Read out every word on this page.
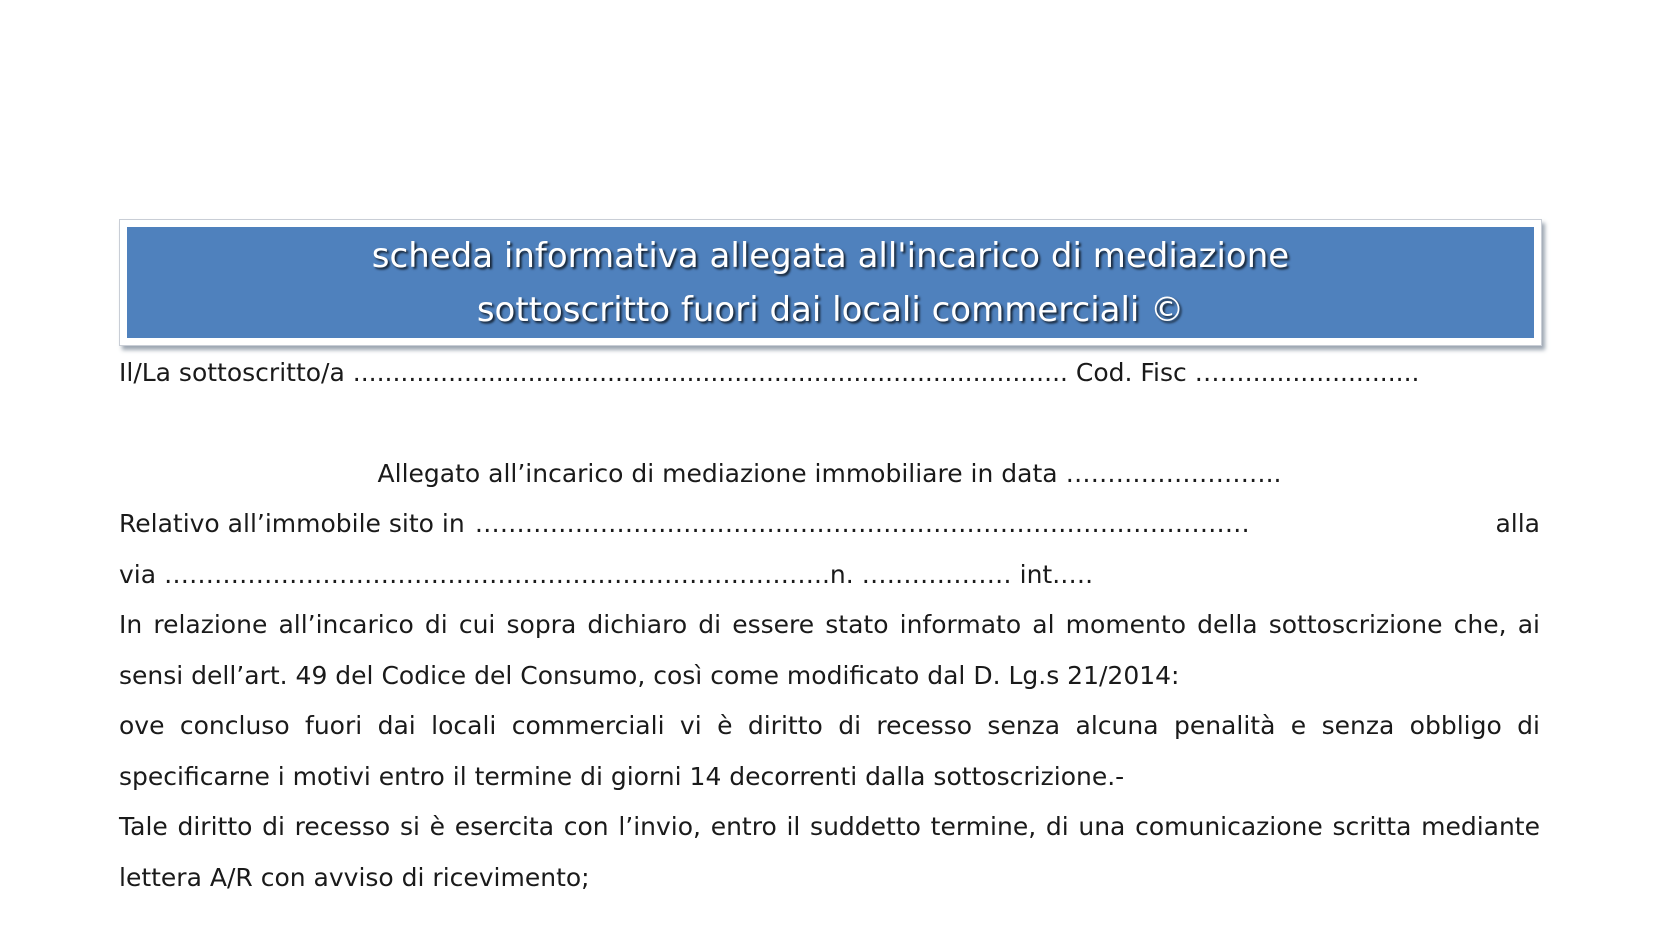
scheda informativa allegata all'incarico di mediazione
sottoscritto fuori dai locali commerciali ©
Il/La sottoscritto/a .......................................................................................... Cod. Fisc ……......................
Allegato all’incarico di mediazione immobiliare in data ……………………..
Relativo all’immobile sito in …………………………………………………………………………………	alla
via ……………………………………………………………………..n. ……………… int.….
In relazione all’incarico di cui sopra dichiaro di essere stato informato al momento della sottoscrizione che, ai
sensi dell’art. 49 del Codice del Consumo, così come modificato dal D. Lg.s 21/2014:
ove concluso fuori dai locali commerciali vi è diritto di recesso senza alcuna penalità e senza obbligo di
specificarne i motivi entro il termine di giorni 14 decorrenti dalla sottoscrizione.-
Tale diritto di recesso si è esercita con l’invio, entro il suddetto termine, di una comunicazione scritta mediante
lettera A/R con avviso di ricevimento;
